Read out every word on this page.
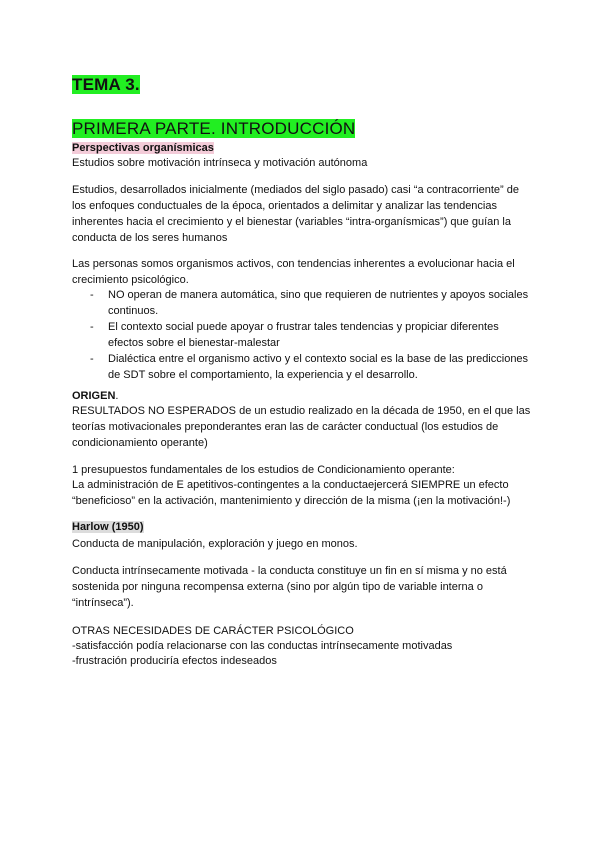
TEMA 3.
PRIMERA PARTE. INTRODUCCIÓN

Perspectivas organísmicas

Estudios sobre motivación intrínseca y motivación autónoma

Estudios, desarrollados inicialmente (mediados del siglo pasado) casi “a contracorriente” de los enfoques conductuales de la época, orientados a delimitar y analizar las tendencias inherentes hacia el crecimiento y el bienestar (variables “intra-organísmicas”) que guían la conducta de los seres humanos

Las personas somos organismos activos, con tendencias inherentes a evolucionar hacia el crecimiento psicológico.

- NO operan de manera automática, sino que requieren de nutrientes y apoyos sociales continuos.
- El contexto social puede apoyar o frustrar tales tendencias y propiciar diferentes efectos sobre el bienestar-malestar
- Dialéctica entre el organismo activo y el contexto social es la base de las predicciones de SDT sobre el comportamiento, la experiencia y el desarrollo.

ORIGEN.

RESULTADOS NO ESPERADOS de un estudio realizado en la década de 1950, en el que las teorías motivacionales preponderantes eran las de carácter conductual (los estudios de condicionamiento operante)

1 presupuestos fundamentales de los estudios de Condicionamiento operante:

La administración de E apetitivos-contingentes a la conductaejercerá SIEMPRE un efecto “beneficioso” en la activación, mantenimiento y dirección de la misma (¡en la motivación!-)

Harlow (1950)

Conducta de manipulación, exploración y juego en monos.

Conducta intrínsecamente motivada - la conducta constituye un fin en sí misma y no está sostenida por ninguna recompensa externa (sino por algún tipo de variable interna o “intrínseca”).

OTRAS NECESIDADES DE CARÁCTER PSICOLÓGICO

-satisfacción podía relacionarse con las conductas intrínsecamente motivadas

-frustración produciría efectos indeseados
